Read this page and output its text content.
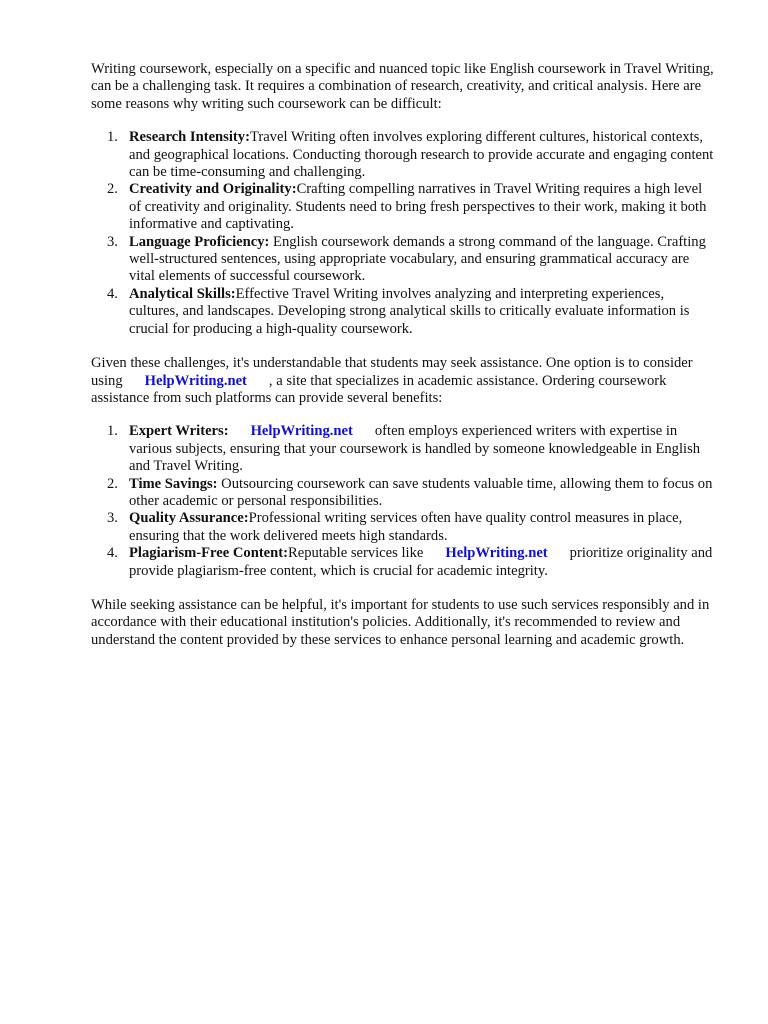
Writing coursework, especially on a specific and nuanced topic like English coursework in Travel Writing, can be a challenging task. It requires a combination of research, creativity, and critical analysis. Here are some reasons why writing such coursework can be difficult:

1. Research Intensity:Travel Writing often involves exploring different cultures, historical contexts, and geographical locations. Conducting thorough research to provide accurate and engaging content can be time-consuming and challenging.
2. Creativity and Originality:Crafting compelling narratives in Travel Writing requires a high level of creativity and originality. Students need to bring fresh perspectives to their work, making it both informative and captivating.
3. Language Proficiency: English coursework demands a strong command of the language. Crafting well-structured sentences, using appropriate vocabulary, and ensuring grammatical accuracy are vital elements of successful coursework.
4. Analytical Skills:Effective Travel Writing involves analyzing and interpreting experiences, cultures, and landscapes. Developing strong analytical skills to critically evaluate information is crucial for producing a high-quality coursework.

Given these challenges, it's understandable that students may seek assistance. One option is to consider using HelpWriting.net , a site that specializes in academic assistance. Ordering coursework assistance from such platforms can provide several benefits:

1. Expert Writers: HelpWriting.net often employs experienced writers with expertise in various subjects, ensuring that your coursework is handled by someone knowledgeable in English and Travel Writing.
2. Time Savings: Outsourcing coursework can save students valuable time, allowing them to focus on other academic or personal responsibilities.
3. Quality Assurance:Professional writing services often have quality control measures in place, ensuring that the work delivered meets high standards.
4. Plagiarism-Free Content:Reputable services like HelpWriting.net prioritize originality and provide plagiarism-free content, which is crucial for academic integrity.

While seeking assistance can be helpful, it's important for students to use such services responsibly and in accordance with their educational institution's policies. Additionally, it's recommended to review and understand the content provided by these services to enhance personal learning and academic growth.
